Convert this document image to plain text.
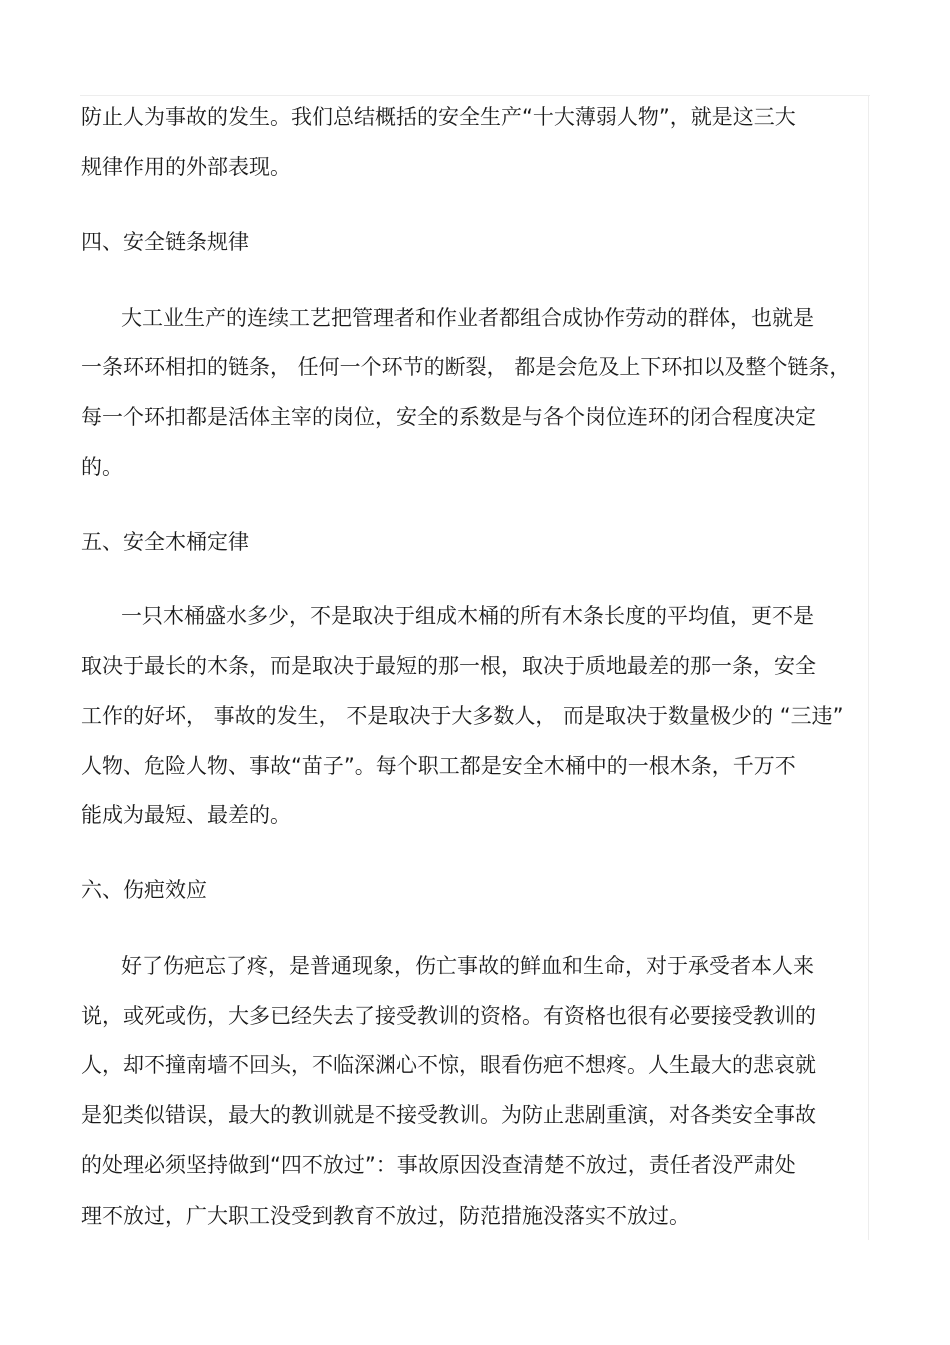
防止人为事故的发生。我们总结概括的安全生产“十大薄弱人物”，就是这三大
规律作用的外部表现。
四、安全链条规律
大工业生产的连续工艺把管理者和作业者都组合成协作劳动的群体，也就是
一条环环相扣的链条， 任何一个环节的断裂， 都是会危及上下环扣以及整个链条，
每一个环扣都是活体主宰的岗位，安全的系数是与各个岗位连环的闭合程度决定
的。
五、安全木桶定律
一只木桶盛水多少，不是取决于组成木桶的所有木条长度的平均值，更不是
取决于最长的木条，而是取决于最短的那一根，取决于质地最差的那一条，安全
工作的好坏， 事故的发生， 不是取决于大多数人， 而是取决于数量极少的 “三违”
人物、危险人物、事故“苗子”。每个职工都是安全木桶中的一根木条，千万不
能成为最短、最差的。
六、伤疤效应
好了伤疤忘了疼，是普通现象，伤亡事故的鲜血和生命，对于承受者本人来
说，或死或伤，大多已经失去了接受教训的资格。有资格也很有必要接受教训的
人，却不撞南墙不回头，不临深渊心不惊，眼看伤疤不想疼。人生最大的悲哀就
是犯类似错误，最大的教训就是不接受教训。为防止悲剧重演，对各类安全事故
的处理必须坚持做到“四不放过”：事故原因没查清楚不放过，责任者没严肃处
理不放过，广大职工没受到教育不放过，防范措施没落实不放过。
